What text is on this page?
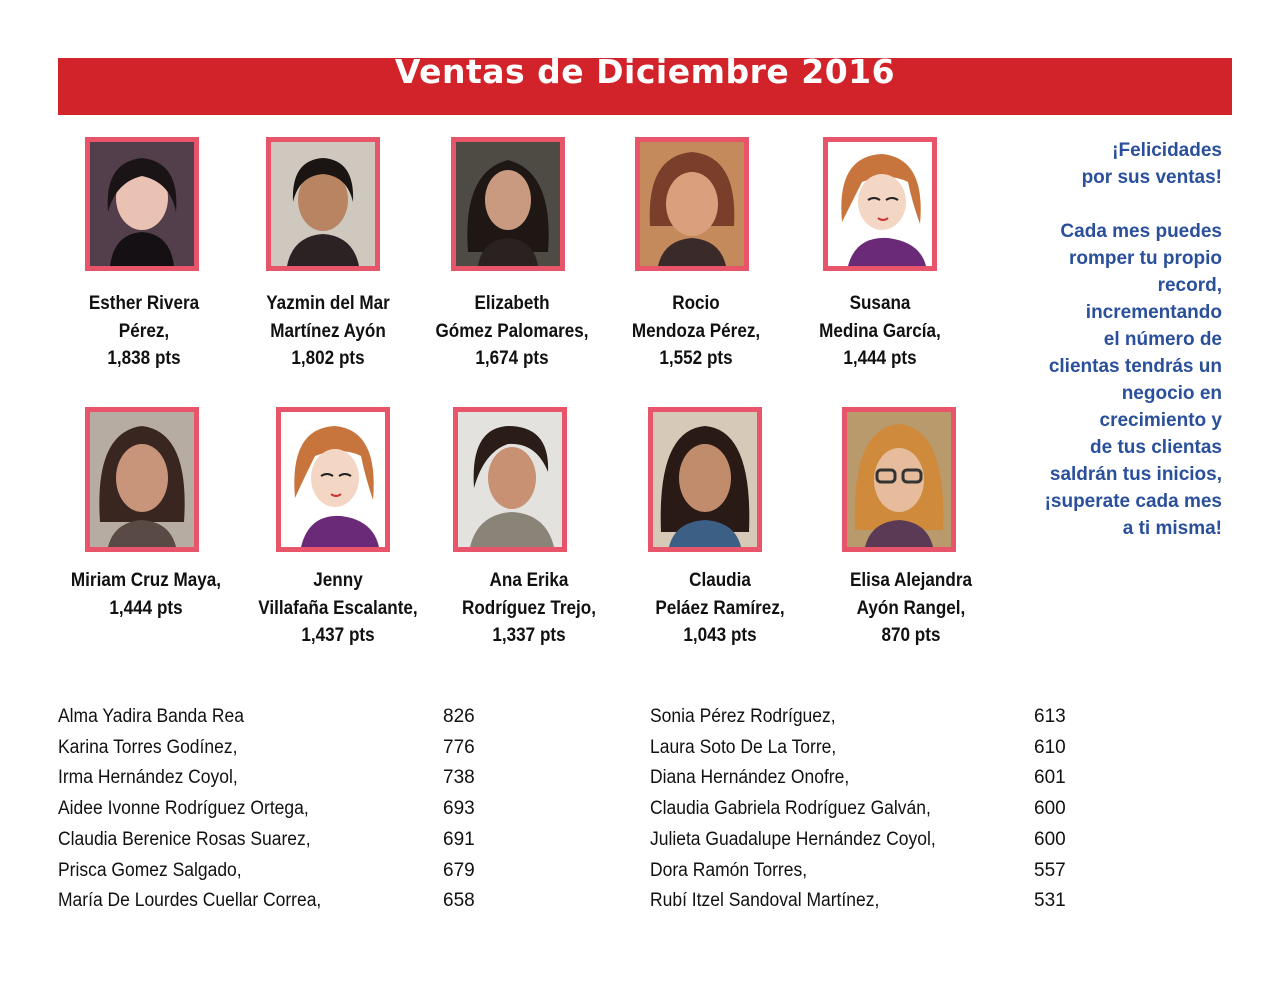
Ventas de Diciembre 2016
Esther Rivera
Pérez,
1,838 pts
Yazmin del Mar
Martínez Ayón
1,802 pts
Elizabeth
Gómez Palomares,
1,674 pts
Rocio
Mendoza Pérez,
1,552 pts
Susana
Medina García,
1,444 pts
Miriam Cruz Maya,
1,444 pts
Jenny
Villafaña Escalante,
1,437 pts
Ana Erika
Rodríguez Trejo,
1,337 pts
Claudia
Peláez Ramírez,
1,043 pts
Elisa Alejandra
Ayón Rangel,
870 pts
¡Felicidades
por sus ventas!

Cada mes puedes
romper tu propio
record,
incrementando
el número de
clientas tendrás un
negocio en
crecimiento y
de tus clientas
saldrán tus inicios,
¡superate cada mes
a ti misma!
Alma Yadira Banda Rea	826
Karina Torres Godínez,	776
Irma Hernández Coyol,	738
Aidee Ivonne Rodríguez Ortega,	693
Claudia Berenice Rosas Suarez,	691
Prisca Gomez Salgado,	679
María De Lourdes Cuellar Correa,	658
Sonia Pérez Rodríguez,	613
Laura Soto De La Torre,	610
Diana Hernández Onofre,	601
Claudia Gabriela Rodríguez Galván,	600
Julieta Guadalupe Hernández Coyol,	600
Dora Ramón Torres,	557
Rubí Itzel Sandoval Martínez,	531
